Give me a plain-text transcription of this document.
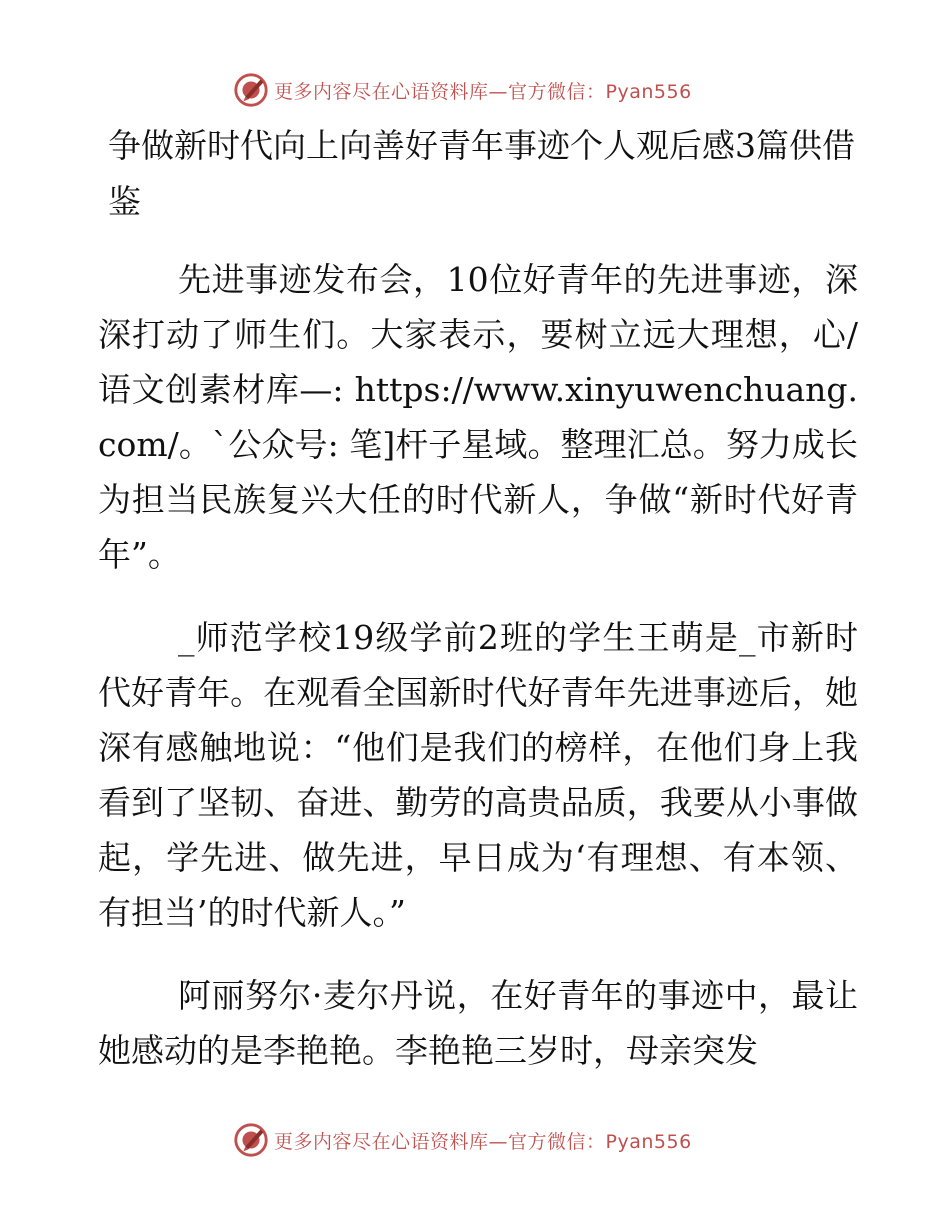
更多内容尽在心语资料库—官方微信：Pyan556
争做新时代向上向善好青年事迹个人观后感3篇供借鉴

先进事迹发布会，10位好青年的先进事迹，深深打动了师生们。大家表示，要树立远大理想，心/语文创素材库—: https://www.xinyuwenchuang.com/。`公众号: 笔]杆子星域。整理汇总。努力成长为担当民族复兴大任的时代新人，争做“新时代好青年”。

_师范学校19级学前2班的学生王萌是_市新时代好青年。在观看全国新时代好青年先进事迹后，她深有感触地说：“他们是我们的榜样，在他们身上我看到了坚韧、奋进、勤劳的高贵品质，我要从小事做起，学先进、做先进，早日成为‘有理想、有本领、有担当’的时代新人。”

阿丽努尔·麦尔丹说，在好青年的事迹中，最让她感动的是李艳艳。李艳艳三岁时，母亲突发

更多内容尽在心语资料库—官方微信：Pyan556
